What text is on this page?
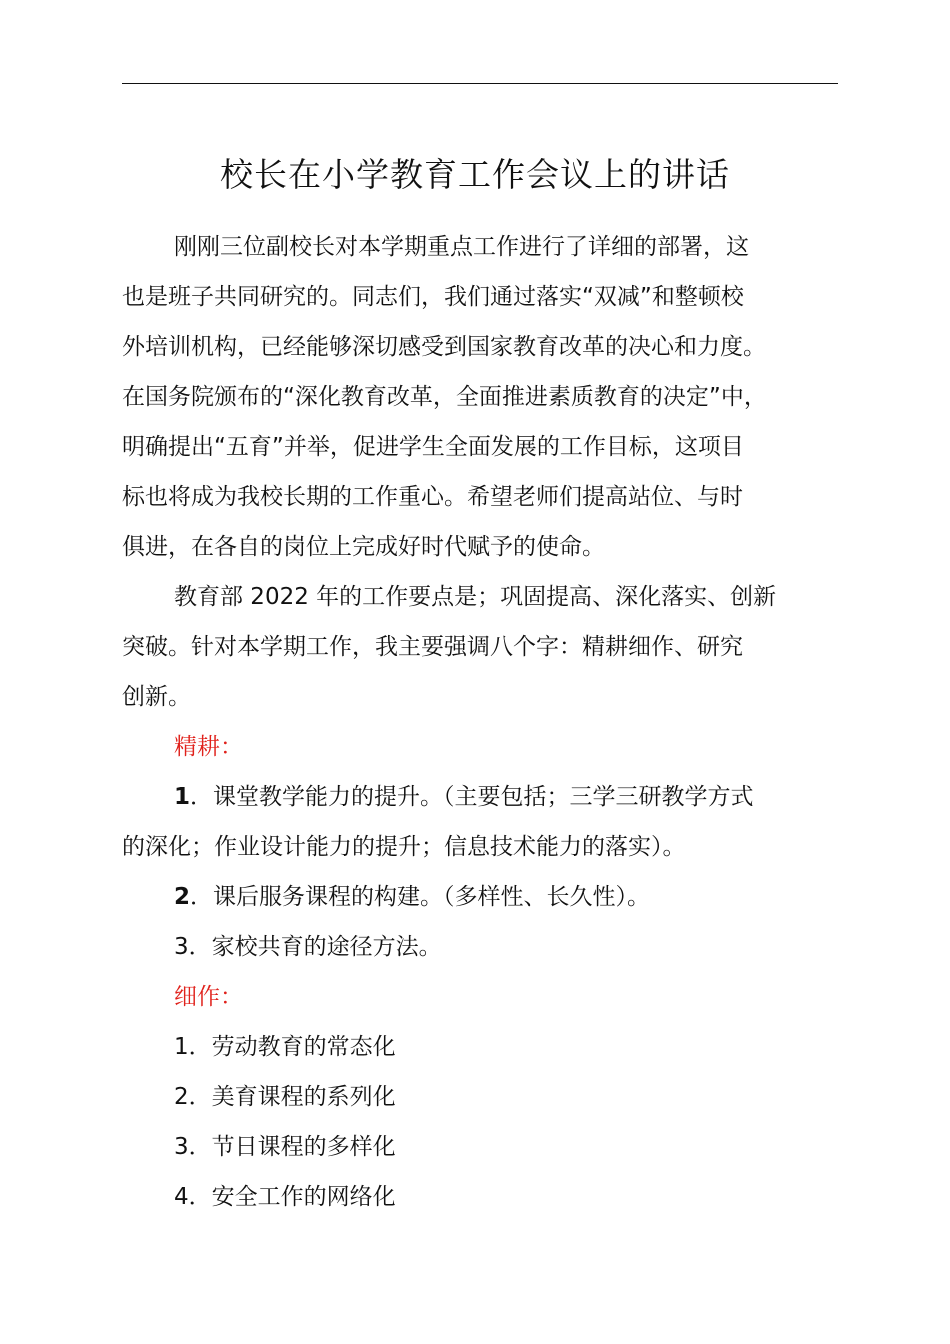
校长在小学教育工作会议上的讲话
刚刚三位副校长对本学期重点工作进行了详细的部署，这
也是班子共同研究的。同志们，我们通过落实“双减”和整顿校
外培训机构，已经能够深切感受到国家教育改革的决心和力度。
在国务院颁布的“深化教育改革，全面推进素质教育的决定”中，
明确提出“五育”并举，促进学生全面发展的工作目标，这项目
标也将成为我校长期的工作重心。希望老师们提高站位、与时
俱进，在各自的岗位上完成好时代赋予的使命。
教育部 2022 年的工作要点是；巩固提高、深化落实、创新
突破。针对本学期工作，我主要强调八个字：精耕细作、研究
创新。
精耕：
1．课堂教学能力的提升。（主要包括；三学三研教学方式
的深化；作业设计能力的提升；信息技术能力的落实）。
2．课后服务课程的构建。（多样性、长久性）。
3．家校共育的途径方法。
细作：
1．劳动教育的常态化
2．美育课程的系列化
3．节日课程的多样化
4．安全工作的网络化
